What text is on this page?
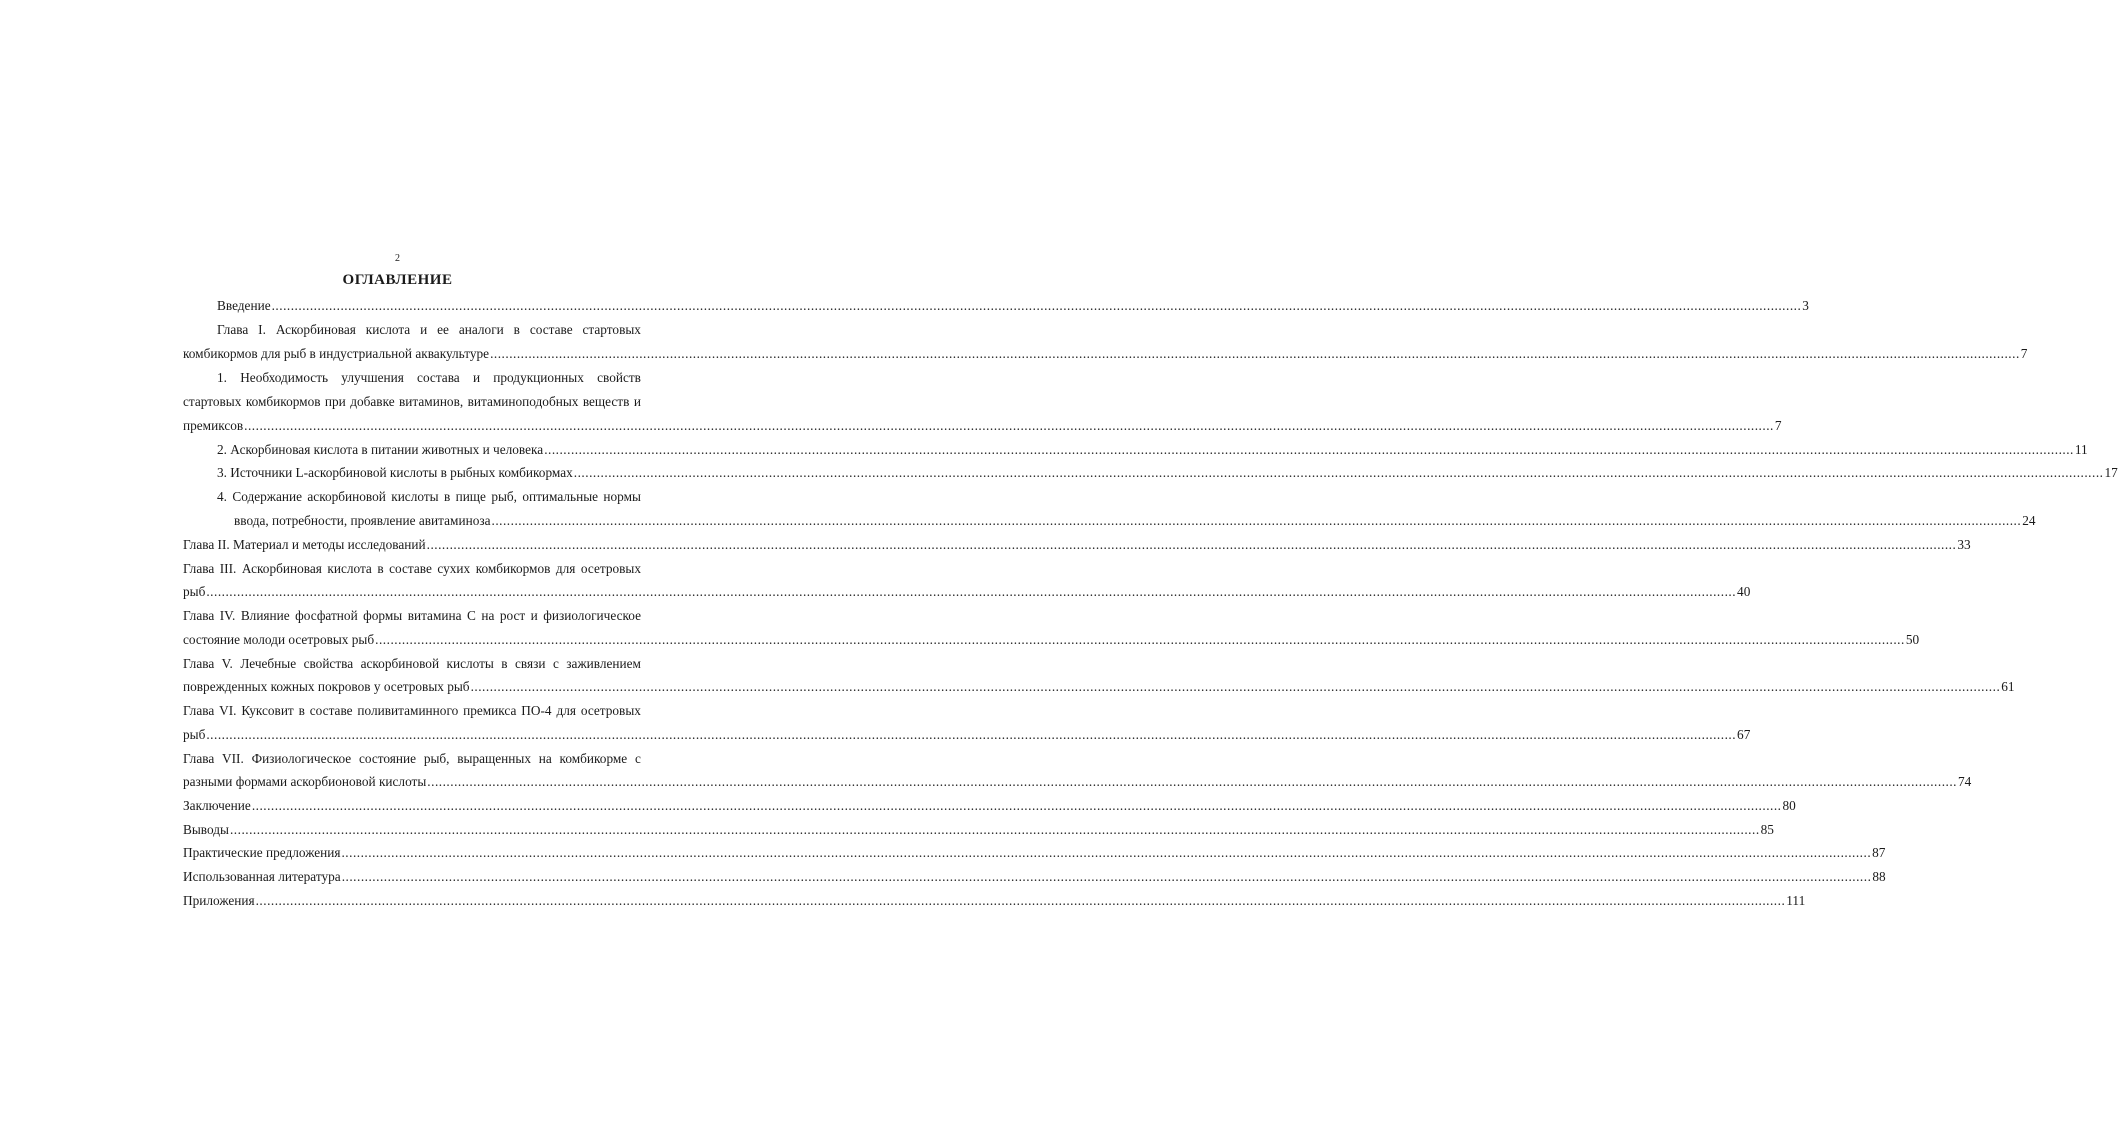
2
ОГЛАВЛЕНИЕ
Введение ................................................................................................................................................................................................................................................................................................................................................................................................................ 3
Глава I. Аскорбиновая кислота и ее аналоги в составе стартовых
комбикормов для рыб в индустриальной аквакультуре ................................................................................................................................................................................................................................................................................................................................................................................................................ 7
1. Необходимость улучшения состава и продукционных свойств
стартовых комбикормов при добавке витаминов, витаминоподобных веществ и
премиксов ................................................................................................................................................................................................................................................................................................................................................................................................................ 7
2. Аскорбиновая кислота в питании животных и человека ................................................................................................................................................................................................................................................................................................................................................................................................................ 11
3. Источники L-аскорбиновой кислоты в рыбных комбикормах ................................................................................................................................................................................................................................................................................................................................................................................................................ 17
4. Содержание аскорбиновой кислоты в пище рыб, оптимальные нормы
ввода, потребности, проявление авитаминоза ................................................................................................................................................................................................................................................................................................................................................................................................................ 24
Глава II. Материал и методы исследований ................................................................................................................................................................................................................................................................................................................................................................................................................ 33
Глава III. Аскорбиновая кислота в составе сухих комбикормов для осетровых
рыб ................................................................................................................................................................................................................................................................................................................................................................................................................ 40
Глава IV. Влияние фосфатной формы витамина С на рост и физиологическое
состояние молоди осетровых рыб ................................................................................................................................................................................................................................................................................................................................................................................................................ 50
Глава V. Лечебные свойства аскорбиновой кислоты в связи с заживлением
поврежденных кожных покровов у осетровых рыб ................................................................................................................................................................................................................................................................................................................................................................................................................ 61
Глава VI. Куксовит в составе поливитаминного премикса ПО-4 для осетровых
рыб ................................................................................................................................................................................................................................................................................................................................................................................................................ 67
Глава VII. Физиологическое состояние рыб, выращенных на комбикорме с
разными формами аскорбионовой кислоты ................................................................................................................................................................................................................................................................................................................................................................................................................ 74
Заключение ................................................................................................................................................................................................................................................................................................................................................................................................................ 80
Выводы ................................................................................................................................................................................................................................................................................................................................................................................................................ 85
Практические предложения ................................................................................................................................................................................................................................................................................................................................................................................................................ 87
Использованная литература ................................................................................................................................................................................................................................................................................................................................................................................................................ 88
Приложения ................................................................................................................................................................................................................................................................................................................................................................................................................ 111
